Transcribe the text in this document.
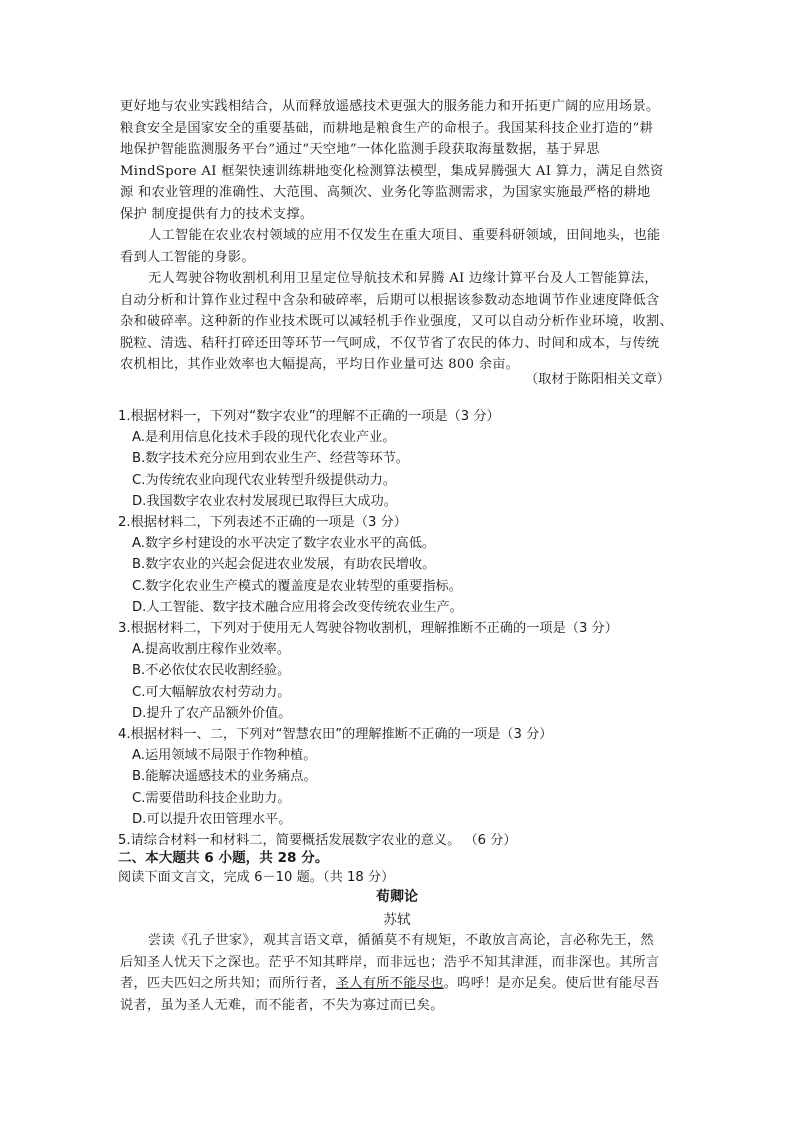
更好地与农业实践相结合，从而释放遥感技术更强大的服务能力和开拓更广阔的应用场景。
粮食安全是国家安全的重要基础，而耕地是粮食生产的命根子。我国某科技企业打造的“耕
地保护智能监测服务平台”通过“天空地”一体化监测手段获取海量数据，基于昇思
MindSpore AI 框架快速训练耕地变化检测算法模型，集成昇腾强大 AI 算力，满足自然资
源 和农业管理的准确性、大范围、高频次、业务化等监测需求，为国家实施最严格的耕地
保护 制度提供有力的技术支撑。
人工智能在农业农村领域的应用不仅发生在重大项目、重要科研领域，田间地头，也能
看到人工智能的身影。
无人驾驶谷物收割机利用卫星定位导航技术和昇腾 AI 边缘计算平台及人工智能算法，
自动分析和计算作业过程中含杂和破碎率，后期可以根据该参数动态地调节作业速度降低含
杂和破碎率。这种新的作业技术既可以减轻机手作业强度，又可以自动分析作业环境，收割、
脱粒、清选、秸秆打碎还田等环节一气呵成，不仅节省了农民的体力、时间和成本，与传统
农机相比，其作业效率也大幅提高，平均日作业量可达 800 余亩。
（取材于陈阳相关文章）

1.根据材料一，下列对“数字农业”的理解不正确的一项是（3 分）

A.是利用信息化技术手段的现代化农业产业。

B.数字技术充分应用到农业生产、经营等环节。

C.为传统农业向现代农业转型升级提供动力。

D.我国数字农业农村发展现已取得巨大成功。

2.根据材料二，下列表述不正确的一项是（3 分）

A.数字乡村建设的水平决定了数字农业水平的高低。

B.数字农业的兴起会促进农业发展，有助农民增收。

C.数字化农业生产模式的覆盖度是农业转型的重要指标。

D.人工智能、数字技术融合应用将会改变传统农业生产。

3.根据材料二，下列对于使用无人驾驶谷物收割机，理解推断不正确的一项是（3 分）

A.提高收割庄稼作业效率。

B.不必依仗农民收割经验。

C.可大幅解放农村劳动力。

D.提升了农产品额外价值。

4.根据材料一、二，下列对“智慧农田”的理解推断不正确的一项是（3 分）

A.运用领域不局限于作物种植。

B.能解决遥感技术的业务痛点。

C.需要借助科技企业助力。

D.可以提升农田管理水平。

5.请综合材料一和材料二，简要概括发展数字农业的意义。 （6 分）

二、本大题共 6 小题，共 28 分。
阅读下面文言文，完成 6－10 题。（共 18 分）
荀卿论
苏轼
尝读《孔子世家》，观其言语文章，循循莫不有规矩，不敢放言高论，言必称先王，然
后知圣人忧天下之深也。茫乎不知其畔岸，而非远也；浩乎不知其津涯，而非深也。其所言
者，匹夫匹妇之所共知；而所行者，圣人有所不能尽也。呜呼！是亦足矣。使后世有能尽吾
说者，虽为圣人无难，而不能者，不失为寡过而已矣。
